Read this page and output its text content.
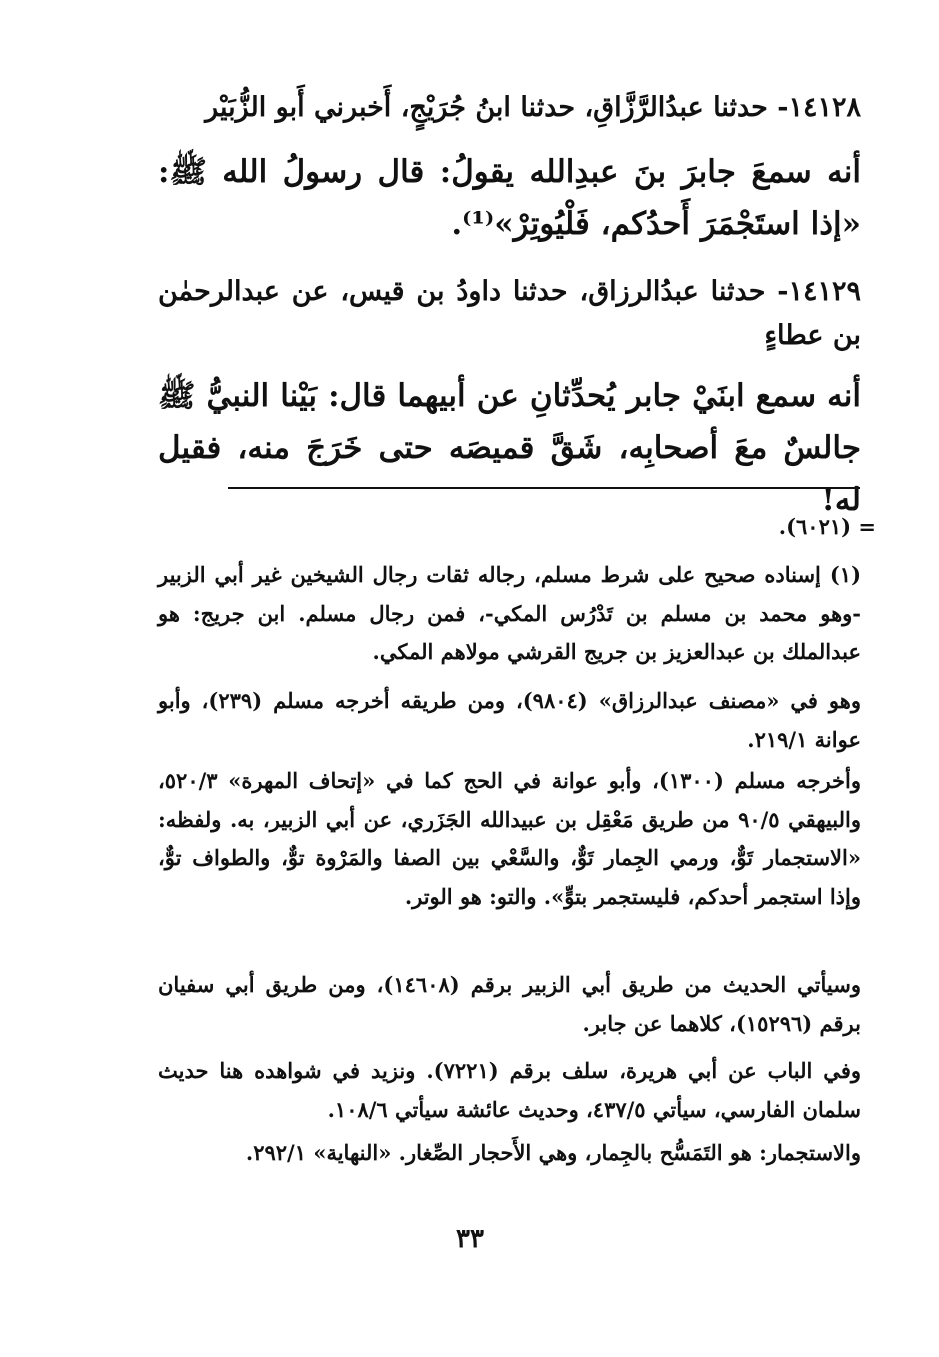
١٤١٢٨- حدثنا عبدُالرَّزَّاقِ، حدثنا ابنُ جُرَيْجٍ، أَخبرني أَبو الزُّبَيْر

أنه سمعَ جابرَ بنَ عبدِالله يقولُ: قال رسولُ الله ﷺ: «إذا استَجْمَرَ أَحدُكم، فَلْيُوتِرْ»⁽¹⁾.

١٤١٢٩- حدثنا عبدُالرزاق، حدثنا داودُ بن قيس، عن عبدالرحمٰن بن عطاءٍ

أنه سمع ابنَيْ جابر يُحدِّثانِ عن أبيهما قال: بَيْنا النبيُّ ﷺ جالسٌ معَ أصحابِه، شَقَّ قميصَه حتى خَرَجَ منه، فقيل له!

= (٦٠٢١).

(١) إسناده صحيح على شرط مسلم، رجاله ثقات رجال الشيخين غير أبي الزبير -وهو محمد بن مسلم بن تَدْرُس المكي-، فمن رجال مسلم. ابن جريج: هو عبدالملك بن عبدالعزيز بن جريج القرشي مولاهم المكي.

وهو في «مصنف عبدالرزاق» (٩٨٠٤)، ومن طريقه أخرجه مسلم (٢٣٩)، وأبو عوانة ٢١٩/١.

وأخرجه مسلم (١٣٠٠)، وأبو عوانة في الحج كما في «إتحاف المهرة» ٥٢٠/٣، والبيهقي ٩٠/٥ من طريق مَعْقِل بن عبيدالله الجَزَري، عن أبي الزبير، به. ولفظه: «الاستجمار تَوٌّ، ورمي الجِمار تَوٌّ، والسَّعْي بين الصفا والمَرْوة توٌّ، والطواف توٌّ، وإذا استجمر أحدكم، فليستجمر بتوٍّ». والتو: هو الوتر.

وسيأتي الحديث من طريق أبي الزبير برقم (١٤٦٠٨)، ومن طريق أبي سفيان برقم (١٥٢٩٦)، كلاهما عن جابر.

وفي الباب عن أبي هريرة، سلف برقم (٧٢٢١). ونزيد في شواهده هنا حديث سلمان الفارسي، سيأتي ٤٣٧/٥، وحديث عائشة سيأتي ١٠٨/٦.

والاستجمار: هو التَمَسُّح بالجِمار، وهي الأَحجار الصِّغار. «النهاية» ٢٩٢/١.

٣٣
